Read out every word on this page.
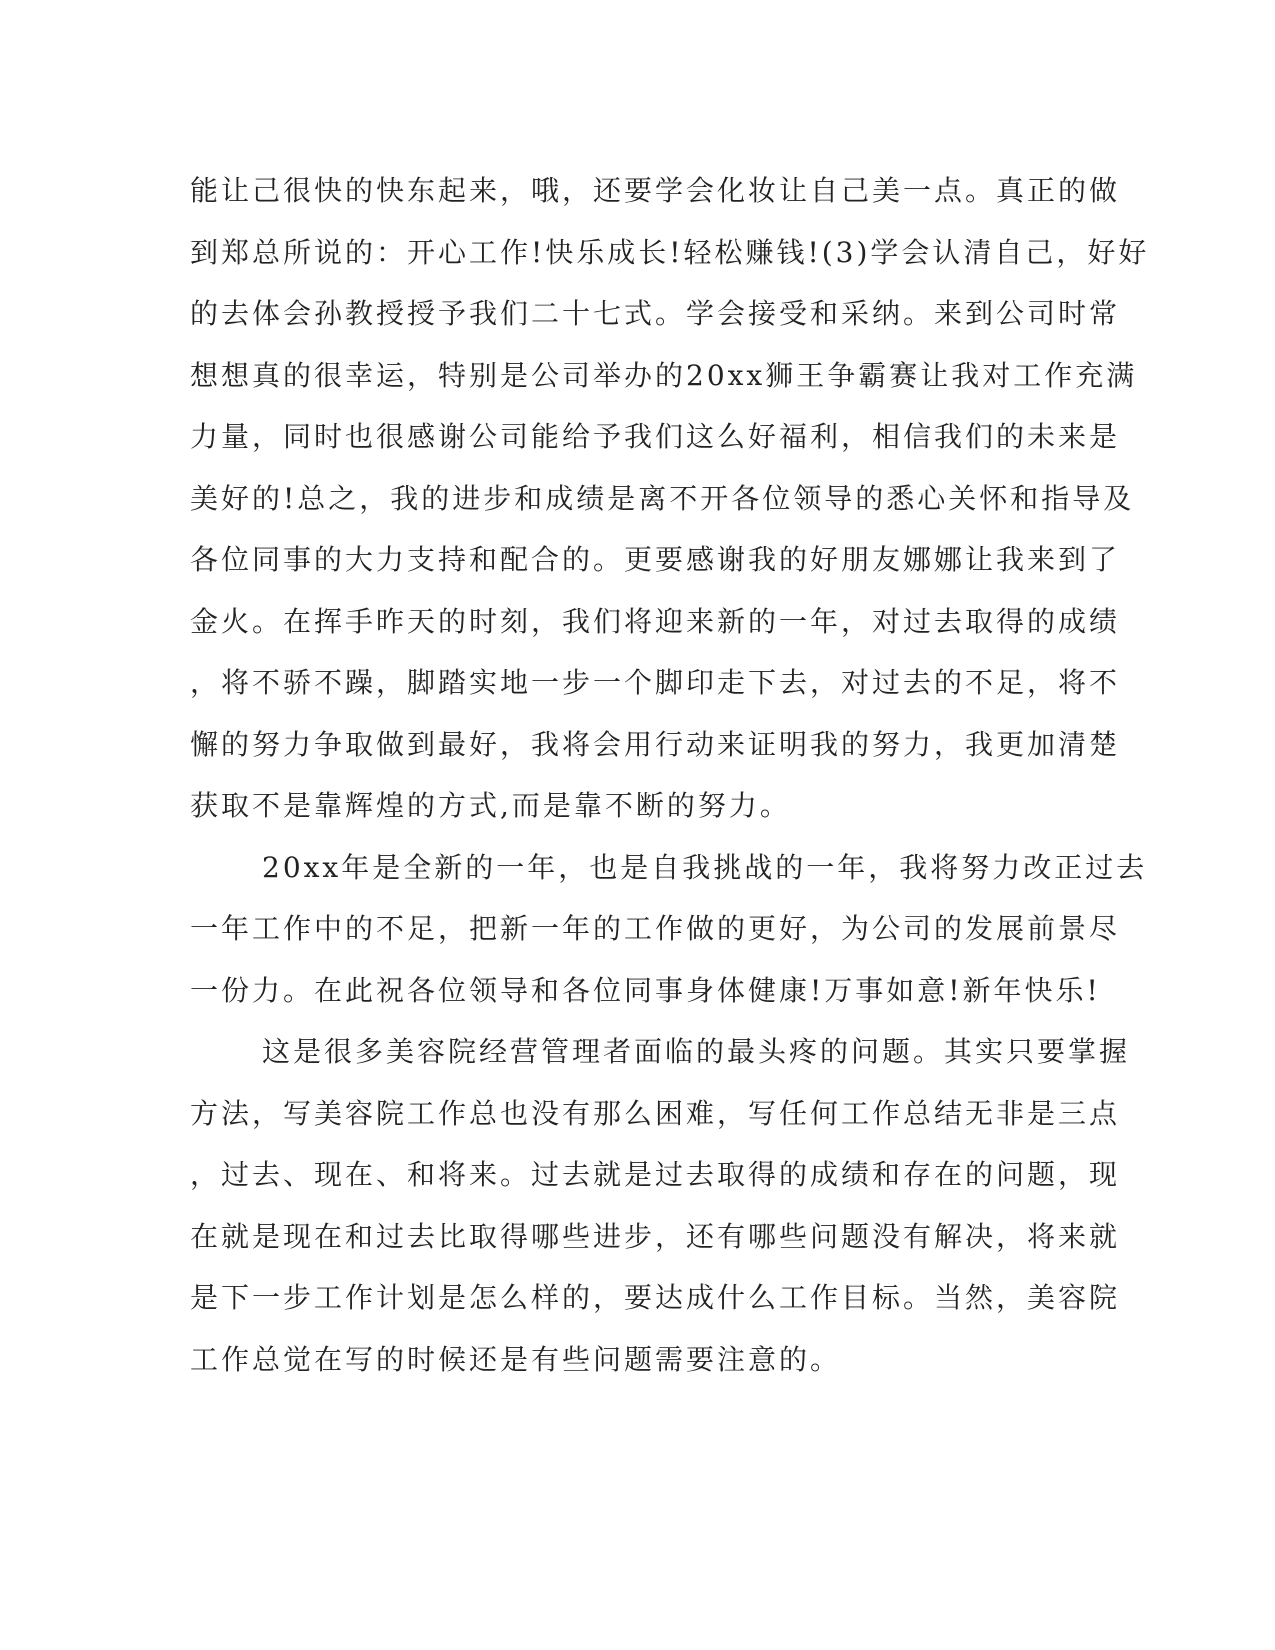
能让己很快的快东起来，哦，还要学会化妆让自己美一点。真正的做
到郑总所说的：开心工作!快乐成长!轻松赚钱!(3)学会认清自己，好好
的去体会孙教授授予我们二十七式。学会接受和采纳。来到公司时常
想想真的很幸运，特别是公司举办的20xx狮王争霸赛让我对工作充满
力量，同时也很感谢公司能给予我们这么好福利，相信我们的未来是
美好的!总之，我的进步和成绩是离不开各位领导的悉心关怀和指导及
各位同事的大力支持和配合的。更要感谢我的好朋友娜娜让我来到了
金火。在挥手昨天的时刻，我们将迎来新的一年，对过去取得的成绩
，将不骄不躁，脚踏实地一步一个脚印走下去，对过去的不足，将不
懈的努力争取做到最好，我将会用行动来证明我的努力，我更加清楚
获取不是靠辉煌的方式,而是靠不断的努力。
20xx年是全新的一年，也是自我挑战的一年，我将努力改正过去
一年工作中的不足，把新一年的工作做的更好，为公司的发展前景尽
一份力。在此祝各位领导和各位同事身体健康!万事如意!新年快乐!
这是很多美容院经营管理者面临的最头疼的问题。其实只要掌握
方法，写美容院工作总也没有那么困难，写任何工作总结无非是三点
，过去、现在、和将来。过去就是过去取得的成绩和存在的问题，现
在就是现在和过去比取得哪些进步，还有哪些问题没有解决，将来就
是下一步工作计划是怎么样的，要达成什么工作目标。当然，美容院
工作总觉在写的时候还是有些问题需要注意的。
